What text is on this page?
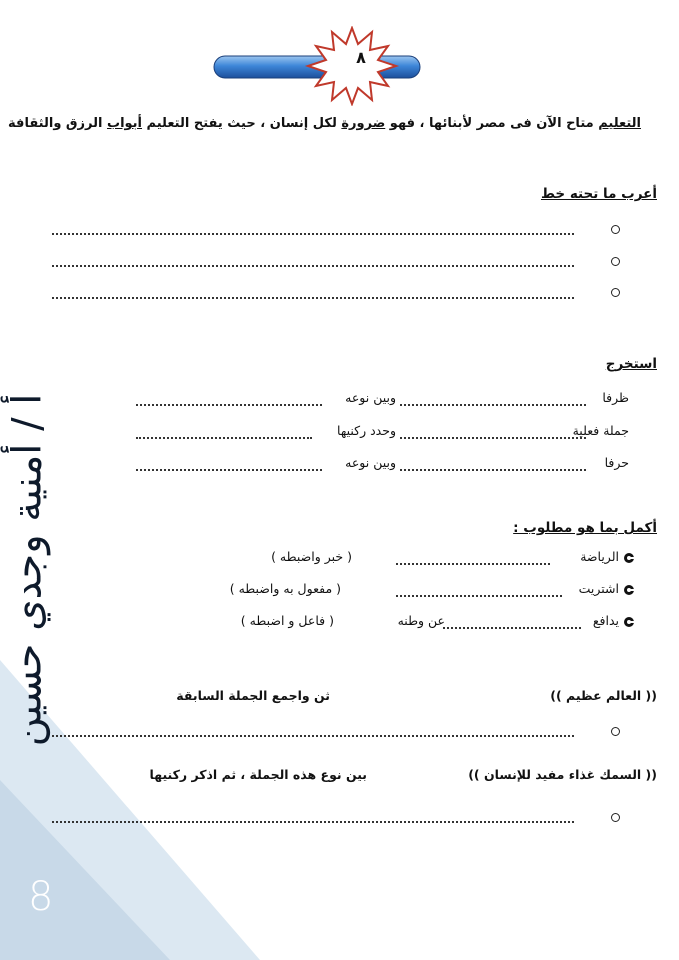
8
أ / أمنية وجدي حسين
٨
التعليم متاح الآن فى مصر لأبنائها ، فهو ضرورة لكل إنسان ، حيث يفتح التعليم أبواب الرزق والثقافة
أعرب ما تحته خط
استخرج
ظرفا
وبين نوعه
جملة فعلية
وحدد ركنيها
حرفا
وبين نوعه
أكمل بما هو مطلوب :
الرياضة
( خبر واضبطه )
اشتريت
( مفعول به واضبطه )
يدافع
عن وطنه
( فاعل و اضبطه )
(( العالم عظيم ))
ثن واجمع الجملة السابقة
(( السمك غذاء مفيد للإنسان ))
بين نوع هذه الجملة ، ثم اذكر ركنيها
